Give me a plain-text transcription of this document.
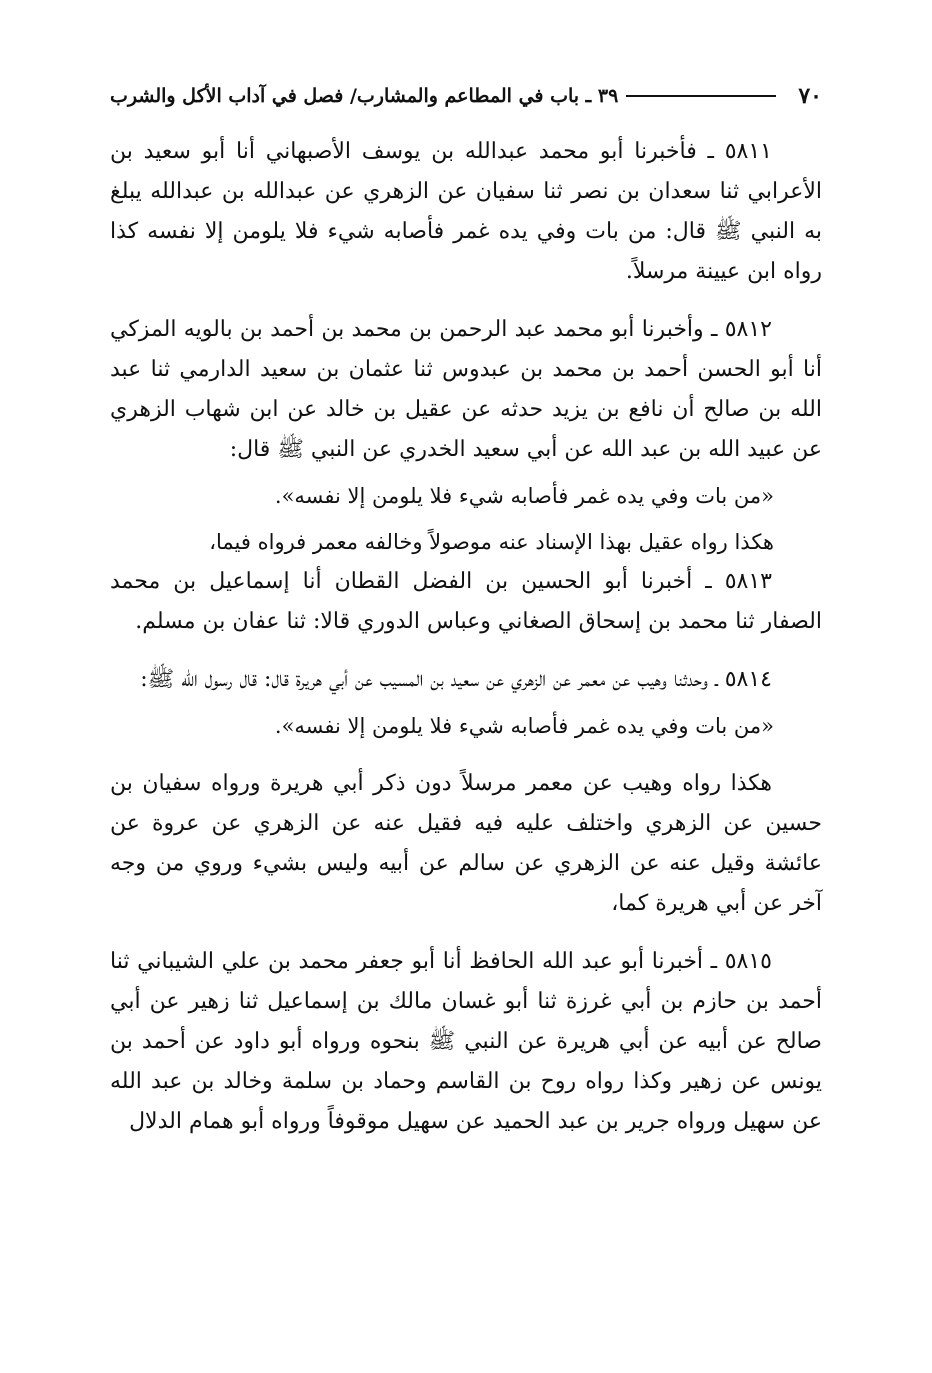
٧٠
٣٩ ـ باب في المطاعم والمشارب/ فصل في آداب الأكل والشرب

٥٨١١ ـ فأخبرنا أبو محمد عبدالله بن يوسف الأصبهاني أنا أبو سعيد بن الأعرابي ثنا سعدان بن نصر ثنا سفيان عن الزهري عن عبدالله بن عبدالله يبلغ به النبي ﷺ قال: من بات وفي يده غمر فأصابه شيء فلا يلومن إلا نفسه كذا رواه ابن عيينة مرسلاً.

٥٨١٢ ـ وأخبرنا أبو محمد عبد الرحمن بن محمد بن أحمد بن بالويه المزكي أنا أبو الحسن أحمد بن محمد بن عبدوس ثنا عثمان بن سعيد الدارمي ثنا عبد الله بن صالح أن نافع بن يزيد حدثه عن عقيل بن خالد عن ابن شهاب الزهري عن عبيد الله بن عبد الله عن أبي سعيد الخدري عن النبي ﷺ قال:

«من بات وفي يده غمر فأصابه شيء فلا يلومن إلا نفسه».

هكذا رواه عقيل بهذا الإسناد عنه موصولاً وخالفه معمر فرواه فيما،

٥٨١٣ ـ أخبرنا أبو الحسين بن الفضل القطان أنا إسماعيل بن محمد الصفار ثنا محمد بن إسحاق الصغاني وعباس الدوري قالا: ثنا عفان بن مسلم.

٥٨١٤ ـ وحدثنا وهيب عن معمر عن الزهري عن سعيد بن المسيب عن أبي هريرة قال: قال رسول الله ﷺ:

«من بات وفي يده غمر فأصابه شيء فلا يلومن إلا نفسه».

هكذا رواه وهيب عن معمر مرسلاً دون ذكر أبي هريرة ورواه سفيان بن حسين عن الزهري واختلف عليه فيه فقيل عنه عن الزهري عن عروة عن عائشة وقيل عنه عن الزهري عن سالم عن أبيه وليس بشيء وروي من وجه آخر عن أبي هريرة كما،

٥٨١٥ ـ أخبرنا أبو عبد الله الحافظ أنا أبو جعفر محمد بن علي الشيباني ثنا أحمد بن حازم بن أبي غرزة ثنا أبو غسان مالك بن إسماعيل ثنا زهير عن أبي صالح عن أبيه عن أبي هريرة عن النبي ﷺ بنحوه ورواه أبو داود عن أحمد بن يونس عن زهير وكذا رواه روح بن القاسم وحماد بن سلمة وخالد بن عبد الله عن سهيل ورواه جرير بن عبد الحميد عن سهيل موقوفاً ورواه أبو همام الدلال
